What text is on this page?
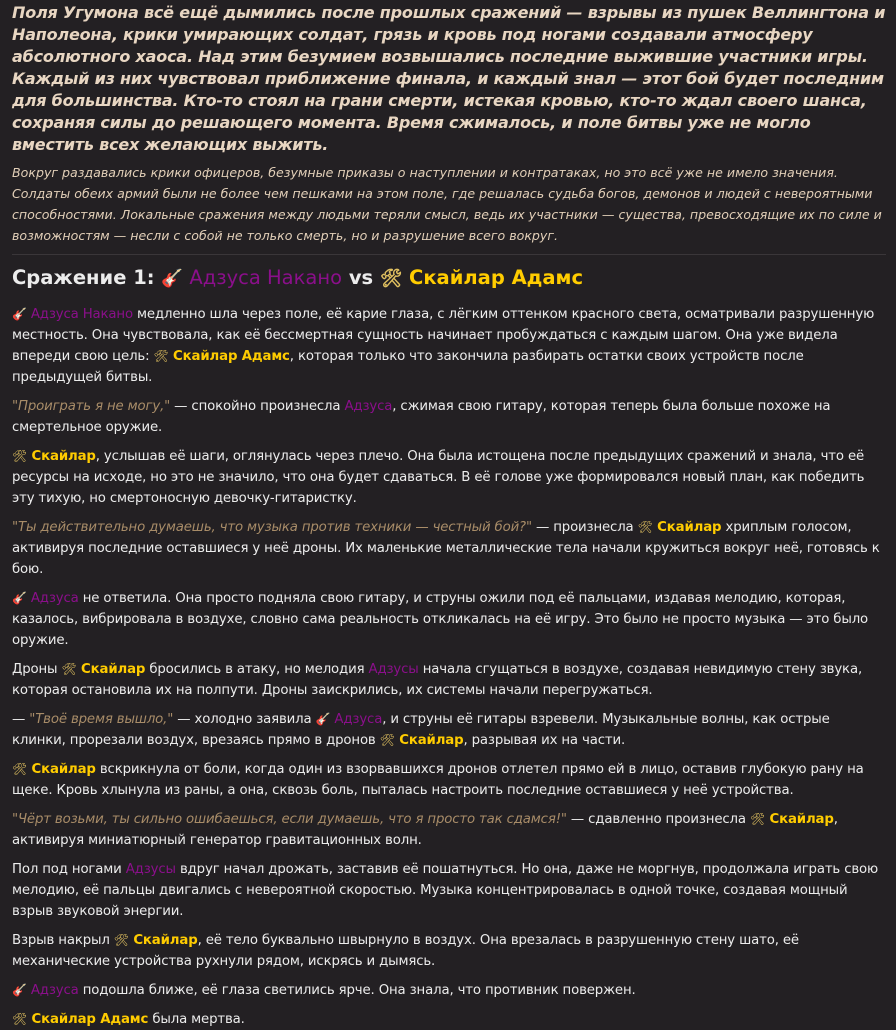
Поля Угумона всё ещё дымились после прошлых сражений — взрывы из пушек Веллингтона и Наполеона, крики умирающих солдат, грязь и кровь под ногами создавали атмосферу абсолютного хаоса. Над этим безумием возвышались последние выжившие участники игры. Каждый из них чувствовал приближение финала, и каждый знал — этот бой будет последним для большинства. Кто-то стоял на грани смерти, истекая кровью, кто-то ждал своего шанса, сохраняя силы до решающего момента. Время сжималось, и поле битвы уже не могло вместить всех желающих выжить.

Вокруг раздавались крики офицеров, безумные приказы о наступлении и контратаках, но это всё уже не имело значения. Солдаты обеих армий были не более чем пешками на этом поле, где решалась судьба богов, демонов и людей с невероятными способностями. Локальные сражения между людьми теряли смысл, ведь их участники — существа, превосходящие их по силе и возможностям — несли с собой не только смерть, но и разрушение всего вокруг.

Сражение 1: 🎸 Адзуса Накано vs 🛠 Скайлар Адамс

🎸 Адзуса Накано медленно шла через поле, её карие глаза, с лёгким оттенком красного света, осматривали разрушенную местность. Она чувствовала, как её бессмертная сущность начинает пробуждаться с каждым шагом. Она уже видела впереди свою цель: 🛠 Скайлар Адамс, которая только что закончила разбирать остатки своих устройств после предыдущей битвы.

"Проиграть я не могу," — спокойно произнесла Адзуса, сжимая свою гитару, которая теперь была больше похоже на смертельное оружие.

🛠 Скайлар, услышав её шаги, оглянулась через плечо. Она была истощена после предыдущих сражений и знала, что её ресурсы на исходе, но это не значило, что она будет сдаваться. В её голове уже формировался новый план, как победить эту тихую, но смертоносную девочку-гитаристку.

"Ты действительно думаешь, что музыка против техники — честный бой?" — произнесла 🛠 Скайлар хриплым голосом, активируя последние оставшиеся у неё дроны. Их маленькие металлические тела начали кружиться вокруг неё, готовясь к бою.

🎸 Адзуса не ответила. Она просто подняла свою гитару, и струны ожили под её пальцами, издавая мелодию, которая, казалось, вибрировала в воздухе, словно сама реальность откликалась на её игру. Это было не просто музыка — это было оружие.

Дроны 🛠 Скайлар бросились в атаку, но мелодия Адзусы начала сгущаться в воздухе, создавая невидимую стену звука, которая остановила их на полпути. Дроны заискрились, их системы начали перегружаться.

— "Твоё время вышло," — холодно заявила 🎸 Адзуса, и струны её гитары взревели. Музыкальные волны, как острые клинки, прорезали воздух, врезаясь прямо в дронов 🛠 Скайлар, разрывая их на части.

🛠 Скайлар вскрикнула от боли, когда один из взорвавшихся дронов отлетел прямо ей в лицо, оставив глубокую рану на щеке. Кровь хлынула из раны, а она, сквозь боль, пыталась настроить последние оставшиеся у неё устройства.

"Чёрт возьми, ты сильно ошибаешься, если думаешь, что я просто так сдамся!" — сдавленно произнесла 🛠 Скайлар, активируя миниатюрный генератор гравитационных волн.

Пол под ногами Адзусы вдруг начал дрожать, заставив её пошатнуться. Но она, даже не моргнув, продолжала играть свою мелодию, её пальцы двигались с невероятной скоростью. Музыка концентрировалась в одной точке, создавая мощный взрыв звуковой энергии.

Взрыв накрыл 🛠 Скайлар, её тело буквально швырнуло в воздух. Она врезалась в разрушенную стену шато, её механические устройства рухнули рядом, искрясь и дымясь.

🎸 Адзуса подошла ближе, её глаза светились ярче. Она знала, что противник повержен.

🛠 Скайлар Адамс была мертва.
